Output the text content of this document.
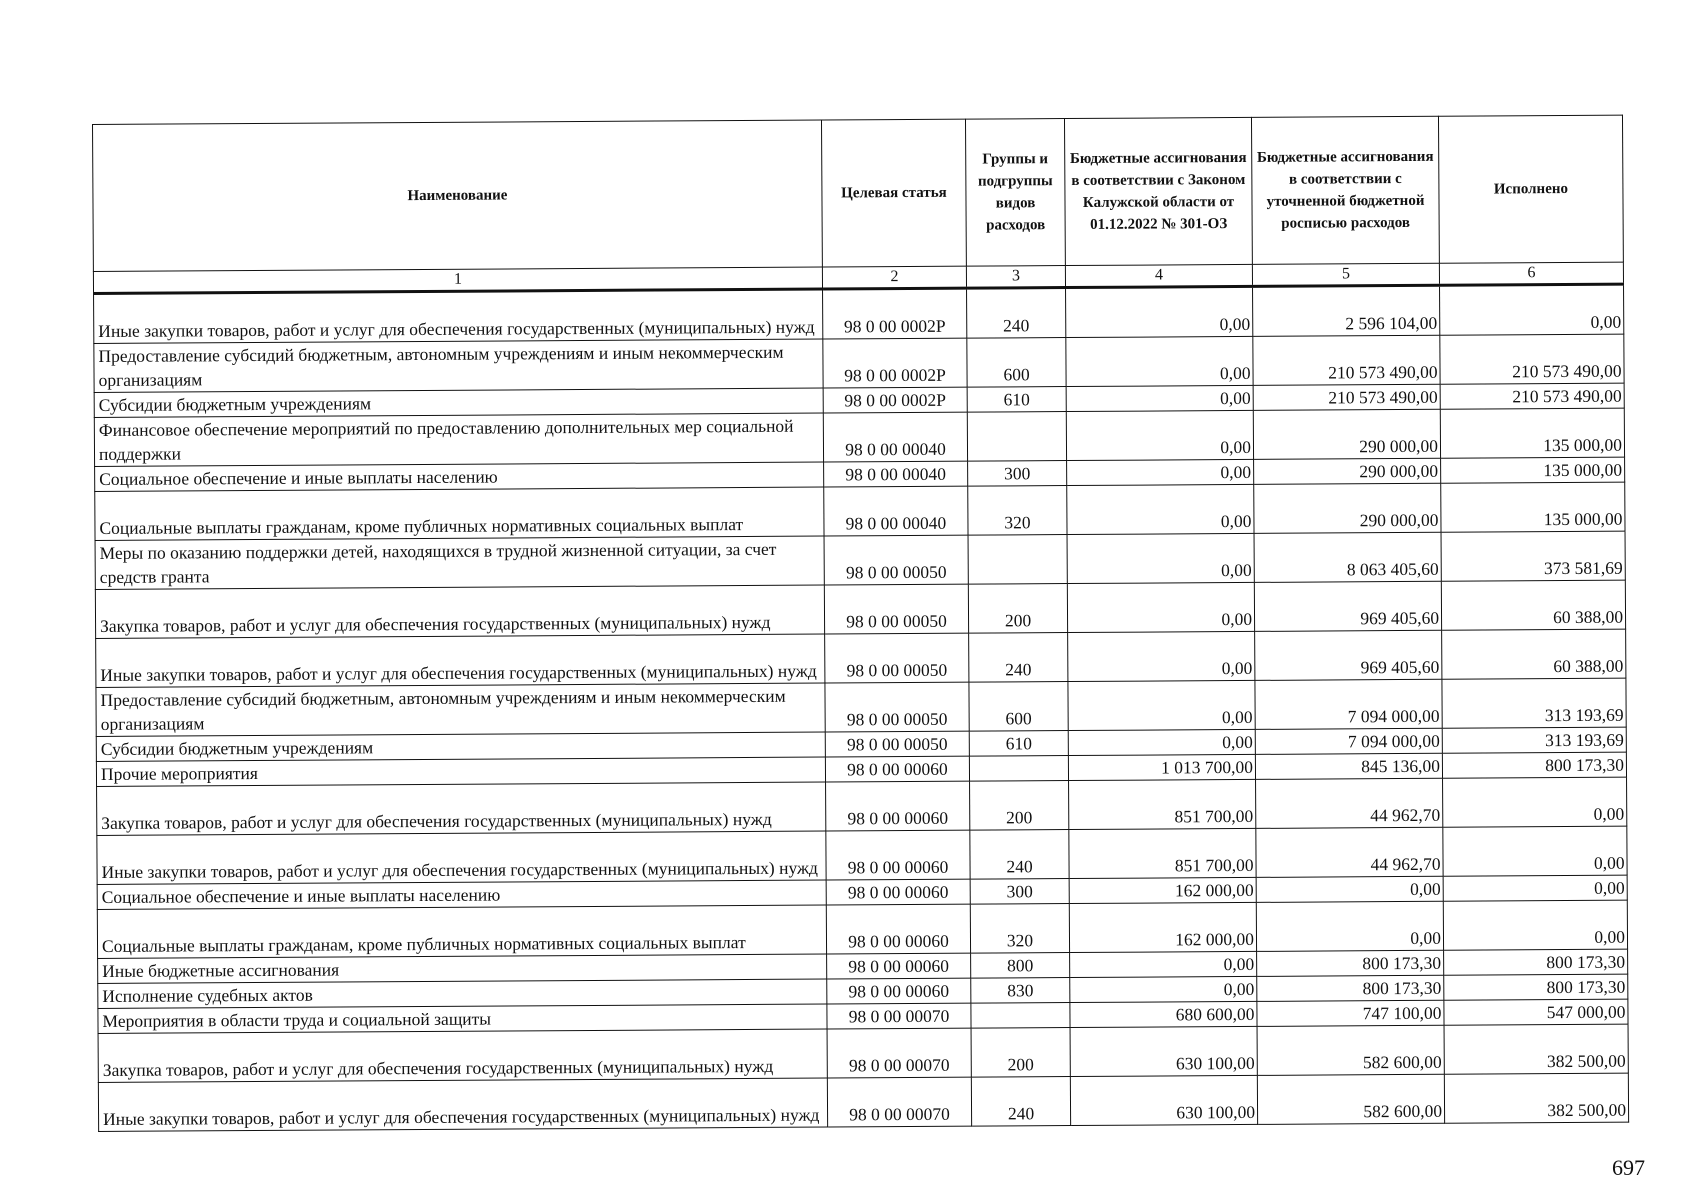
Наименование	Целевая статья	Группы и подгруппы видов расходов	Бюджетные ассигнования в соответствии с Законом Калужской области от 01.12.2022 № 301-ОЗ	Бюджетные ассигнования в соответствии с уточненной бюджетной росписью расходов	Исполнено
1	2	3	4	5	6
Иные закупки товаров, работ и услуг для обеспечения государственных (муниципальных) нужд	98 0 00 0002Р	240	0,00	2 596 104,00	0,00
Предоставление субсидий бюджетным, автономным учреждениям и иным некоммерческим организациям	98 0 00 0002Р	600	0,00	210 573 490,00	210 573 490,00
Субсидии бюджетным учреждениям	98 0 00 0002Р	610	0,00	210 573 490,00	210 573 490,00
Финансовое обеспечение мероприятий по предоставлению дополнительных мер социальной поддержки	98 0 00 00040		0,00	290 000,00	135 000,00
Социальное обеспечение и иные выплаты населению	98 0 00 00040	300	0,00	290 000,00	135 000,00
Социальные выплаты гражданам, кроме публичных нормативных социальных выплат	98 0 00 00040	320	0,00	290 000,00	135 000,00
Меры по оказанию поддержки детей, находящихся в трудной жизненной ситуации, за счет средств гранта	98 0 00 00050		0,00	8 063 405,60	373 581,69
Закупка товаров, работ и услуг для обеспечения государственных (муниципальных) нужд	98 0 00 00050	200	0,00	969 405,60	60 388,00
Иные закупки товаров, работ и услуг для обеспечения государственных (муниципальных) нужд	98 0 00 00050	240	0,00	969 405,60	60 388,00
Предоставление субсидий бюджетным, автономным учреждениям и иным некоммерческим организациям	98 0 00 00050	600	0,00	7 094 000,00	313 193,69
Субсидии бюджетным учреждениям	98 0 00 00050	610	0,00	7 094 000,00	313 193,69
Прочие мероприятия	98 0 00 00060		1 013 700,00	845 136,00	800 173,30
Закупка товаров, работ и услуг для обеспечения государственных (муниципальных) нужд	98 0 00 00060	200	851 700,00	44 962,70	0,00
Иные закупки товаров, работ и услуг для обеспечения государственных (муниципальных) нужд	98 0 00 00060	240	851 700,00	44 962,70	0,00
Социальное обеспечение и иные выплаты населению	98 0 00 00060	300	162 000,00	0,00	0,00
Социальные выплаты гражданам, кроме публичных нормативных социальных выплат	98 0 00 00060	320	162 000,00	0,00	0,00
Иные бюджетные ассигнования	98 0 00 00060	800	0,00	800 173,30	800 173,30
Исполнение судебных актов	98 0 00 00060	830	0,00	800 173,30	800 173,30
Мероприятия в области труда и социальной защиты	98 0 00 00070		680 600,00	747 100,00	547 000,00
Закупка товаров, работ и услуг для обеспечения государственных (муниципальных) нужд	98 0 00 00070	200	630 100,00	582 600,00	382 500,00
Иные закупки товаров, работ и услуг для обеспечения государственных (муниципальных) нужд	98 0 00 00070	240	630 100,00	582 600,00	382 500,00
697
